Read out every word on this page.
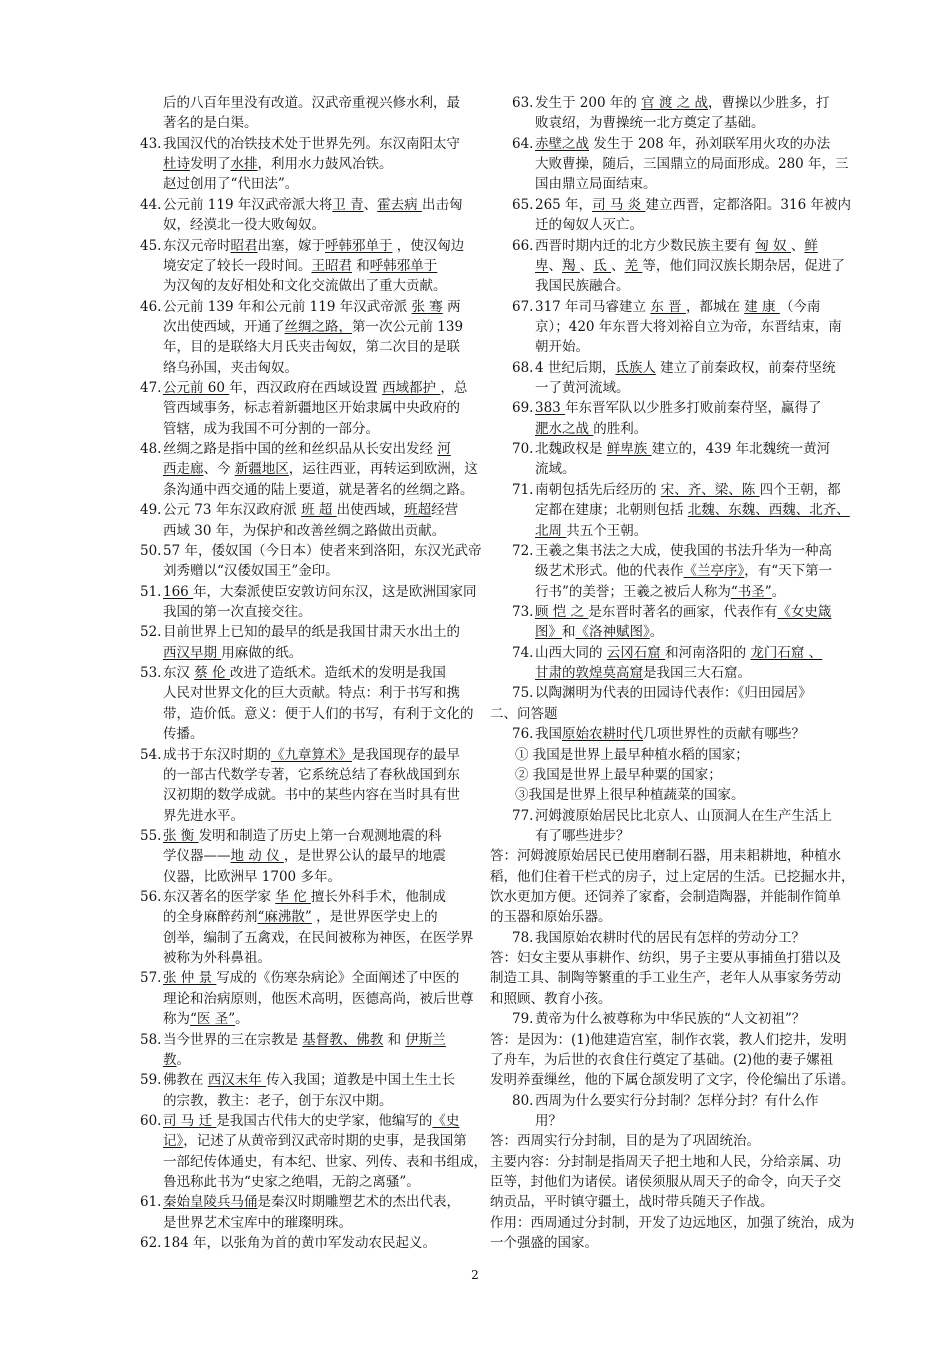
后的八百年里没有改道。汉武帝重视兴修水利，最
著名的是白渠。
43. 我国汉代的冶铁技术处于世界先列。东汉南阳太守
杜诗发明了水排，利用水力鼓风冶铁。
赵过创用了“代田法”。
44. 公元前 119 年汉武帝派大将卫 青、霍去病 出击匈
奴，经漠北一役大败匈奴。
45. 东汉元帝时昭君出塞，嫁于呼韩邪单于 ，使汉匈边
境安定了较长一段时间。王昭君 和呼韩邪单于
为汉匈的友好相处和文化交流做出了重大贡献。
46. 公元前 139 年和公元前 119 年汉武帝派 张 骞 两
次出使西域，开通了丝绸之路，第一次公元前 139
年，目的是联络大月氏夹击匈奴，第二次目的是联
络乌孙国，夹击匈奴。
47. 公元前 60 年，西汉政府在西域设置 西域都护 ，总
管西域事务，标志着新疆地区开始隶属中央政府的
管辖，成为我国不可分割的一部分。
48. 丝绸之路是指中国的丝和丝织品从长安出发经 河
西走廊、今 新疆地区，运往西亚，再转运到欧洲，这
条沟通中西交通的陆上要道，就是著名的丝绸之路。
49. 公元 73 年东汉政府派 班 超 出使西域，班超经营
西域 30 年，为保护和改善丝绸之路做出贡献。
50. 57 年，倭奴国（今日本）使者来到洛阳，东汉光武帝
刘秀赠以“汉倭奴国王”金印。
51. 166 年，大秦派使臣安敦访问东汉，这是欧洲国家同
我国的第一次直接交往。
52. 目前世界上已知的最早的纸是我国甘肃天水出土的
西汉早期 用麻做的纸。
53. 东汉 蔡 伦 改进了造纸术。造纸术的发明是我国
人民对世界文化的巨大贡献。特点：利于书写和携
带，造价低。意义：便于人们的书写，有利于文化的
传播。
54. 成书于东汉时期的《九章算术》是我国现存的最早
的一部古代数学专著，它系统总结了春秋战国到东
汉初期的数学成就。书中的某些内容在当时具有世
界先进水平。
55. 张 衡 发明和制造了历史上第一台观测地震的科
学仪器——地 动 仪 ，是世界公认的最早的地震
仪器，比欧洲早 1700 多年。
56. 东汉著名的医学家 华 佗 擅长外科手术，他制成
的全身麻醉药剂“麻沸散” ，是世界医学史上的
创举，编制了五禽戏，在民间被称为神医，在医学界
被称为外科鼻祖。
57. 张 仲 景 写成的《伤寒杂病论》全面阐述了中医的
理论和治病原则，他医术高明，医德高尚，被后世尊
称为“医 圣”。
58. 当今世界的三在宗教是 基督教、佛教 和 伊斯兰
教。
59. 佛教在 西汉末年 传入我国；道教是中国土生土长
的宗教，教主：老子，创于东汉中期。
60. 司 马 迁 是我国古代伟大的史学家，他编写的《史
记》，记述了从黄帝到汉武帝时期的史事，是我国第
一部纪传体通史，有本纪、世家、列传、表和书组成，
鲁迅称此书为“史家之绝唱，无韵之离骚”。
61. 秦始皇陵兵马俑是秦汉时期雕塑艺术的杰出代表，
是世界艺术宝库中的璀璨明珠。
62. 184 年，以张角为首的黄巾军发动农民起义。
63. 发生于 200 年的 官 渡 之 战，曹操以少胜多，打
败袁绍，为曹操统一北方奠定了基础。
64. 赤壁之战 发生于 208 年，孙刘联军用火攻的办法
大败曹操，随后，三国鼎立的局面形成。280 年，三
国由鼎立局面结束。
65. 265 年，司 马 炎 建立西晋，定都洛阳。316 年被内
迁的匈奴人灭亡。
66. 西晋时期内迁的北方少数民族主要有 匈 奴 、鲜
卑、羯 、氐 、羌 等，他们同汉族长期杂居，促进了
我国民族融合。
67. 317 年司马睿建立 东 晋 ，都城在 建 康 （今南
京）；420 年东晋大将刘裕自立为帝，东晋结束，南
朝开始。
68. 4 世纪后期，氐族人 建立了前秦政权，前秦苻坚统
一了黄河流域。
69. 383 年东晋军队以少胜多打败前秦苻坚，赢得了
淝水之战 的胜利。
70. 北魏政权是 鲜卑族 建立的，439 年北魏统一黄河
流域。
71. 南朝包括先后经历的 宋、齐、梁、陈 四个王朝，都
定都在建康；北朝则包括 北魏、东魏、西魏、北齐、
北周 共五个王朝。
72. 王羲之集书法之大成，使我国的书法升华为一种高
级艺术形式。他的代表作《兰亭序》，有“天下第一
行书”的美誉；王羲之被后人称为“书圣”。
73. 顾 恺 之 是东晋时著名的画家，代表作有《女史箴
图》和《洛神赋图》。
74. 山西大同的 云冈石窟 和河南洛阳的 龙门石窟 、
甘肃的敦煌莫高窟是我国三大石窟。
75. 以陶渊明为代表的田园诗代表作：《归田园居》
二、问答题
76. 我国原始农耕时代几项世界性的贡献有哪些？
① 我国是世界上最早种植水稻的国家；
② 我国是世界上最早种粟的国家；
③我国是世界上很早种植蔬菜的国家。
77. 河姆渡原始居民比北京人、山顶洞人在生产生活上
有了哪些进步？
答：河姆渡原始居民已使用磨制石器，用耒耜耕地，种植水
稻，他们住着干栏式的房子，过上定居的生活。已挖掘水井，
饮水更加方便。还饲养了家畜，会制造陶器，并能制作简单
的玉器和原始乐器。
78. 我国原始农耕时代的居民有怎样的劳动分工？
答：妇女主要从事耕作、纺织，男子主要从事捕鱼打猎以及
制造工具、制陶等繁重的手工业生产，老年人从事家务劳动
和照顾、教育小孩。
79. 黄帝为什么被尊称为中华民族的“人文初祖”？
答：是因为：(1)他建造宫室，制作衣裳，教人们挖井，发明
了舟车，为后世的衣食住行奠定了基础。(2)他的妻子嫘祖
发明养蚕缫丝，他的下属仓颉发明了文字，伶伦编出了乐谱。
80. 西周为什么要实行分封制？怎样分封？有什么作
用？
答：西周实行分封制，目的是为了巩固统治。
主要内容：分封制是指周天子把土地和人民，分给亲属、功
臣等，封他们为诸侯。诸侯须服从周天子的命令，向天子交
纳贡品，平时镇守疆土，战时带兵随天子作战。
作用：西周通过分封制，开发了边远地区，加强了统治，成为
一个强盛的国家。
2
